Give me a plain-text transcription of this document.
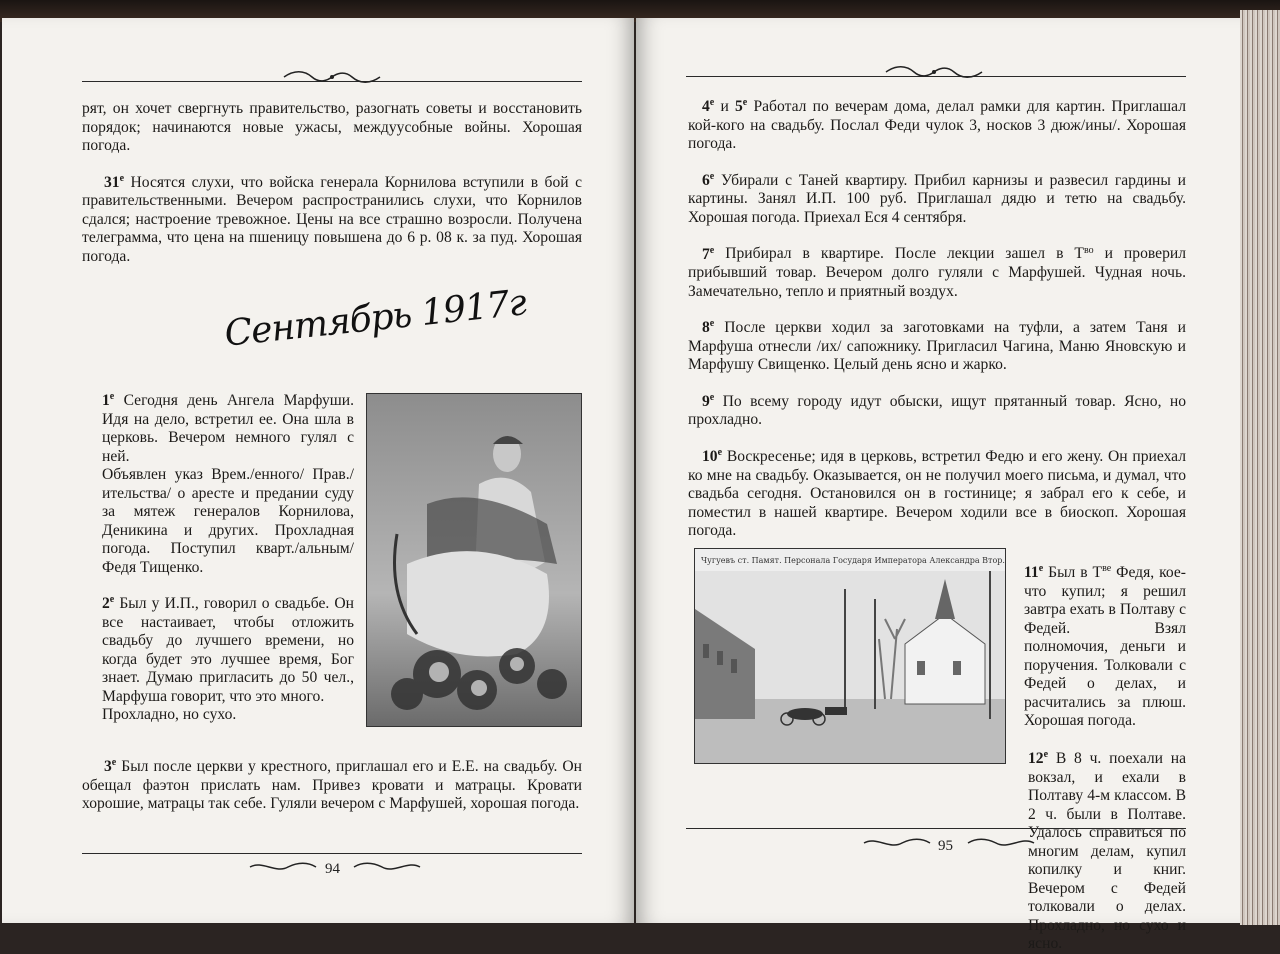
рят, он хочет свергнуть правительство, разогнать советы и восстановить порядок; начинаются новые ужасы, междуусобные войны. Хорошая погода.

$31^е$ Носятся слухи, что войска генерала Корнилова вступили в бой с правительственными. Вечером распространились слухи, что Корнилов сдался; настроение тревожное. Цены на все страшно возросли. Получена телеграмма, что цена на пшеницу повышена до 6 р. 08 к. за пуд. Хорошая погода.

Сентябрь 1917г

$1^е$ Сегодня день Ангела Марфуши. Идя на дело, встретил ее. Она шла в церковь. Вечером немного гулял с ней.

Объявлен указ Врем./енного/ Прав./ительства/ о аресте и предании суду за мятеж генералов Корнилова, Деникина и других. Прохладная погода. Поступил кварт./альным/ Федя Тищенко.

$2^е$ Был у И.П., говорил о свадьбе. Он все настаивает, чтобы отложить свадьбу до лучшего времени, но когда будет это лучшее время, Бог знает. Думаю пригласить до 50 чел., Марфуша говорит, что это много.

Прохладно, но сухо.

$3^е$ Был после церкви у крестного, приглашал его и Е.Е. на свадьбу. Он обещал фаэтон прислать нам. Привез кровати и матрацы. Кровати хорошие, матрацы так себе. Гуляли вечером с Марфушей, хорошая погода.

94

$4^е$ и $5^е$ Работал по вечерам дома, делал рамки для картин. Приглашал кой-кого на свадьбу. Послал Феди чулок 3, носков 3 дюж/ины/. Хорошая погода.

$6^е$ Убирали с Таней квартиру. Прибил карнизы и развесил гардины и картины. Занял И.П. 100 руб. Приглашал дядю и тетю на свадьбу. Хорошая погода. Приехал Еся 4 сентября.

$7^е$ Прибирал в квартире. После лекции зашел в $Т^{во}$ и проверил прибывший товар. Вечером долго гуляли с Марфушей. Чудная ночь. Замечательно, тепло и приятный воздух.

$8^е$ После церкви ходил за заготовками на туфли, а затем Таня и Марфуша отнесли /их/ сапожнику. Пригласил Чагина, Маню Яновскую и Марфушу Свищенко. Целый день ясно и жарко.

$9^е$ По всему городу идут обыски, ищут прятанный товар. Ясно, но прохладно.

$10^е$ Воскресенье; идя в церковь, встретил Федю и его жену. Он приехал ко мне на свадьбу. Оказывается, он не получил моего письма, и думал, что свадьба сегодня. Остановился он в гостинице; я забрал его к себе, и поместил в нашей квартире. Вечером ходили все в биоскоп. Хорошая погода.

Чугуевъ ст. Памят. Персонала Государя Императора Александра Втор.

$11^е$ Был в $Т^{ве}$ Федя, кое-что купил; я решил завтра ехать в Полтаву с Федей. Взял полномочия, деньги и поручения. Толковали с Федей о делах, и расчитались за плюш. Хорошая погода.

$12^е$ В 8 ч. поехали на вокзал, и ехали в Полтаву 4-м классом. В 2 ч. были в Полтаве. Удалось справиться по многим делам, купил копилку и книг. Вечером с Федей толковали о делах. Прохладно, но сухо и ясно.

95
